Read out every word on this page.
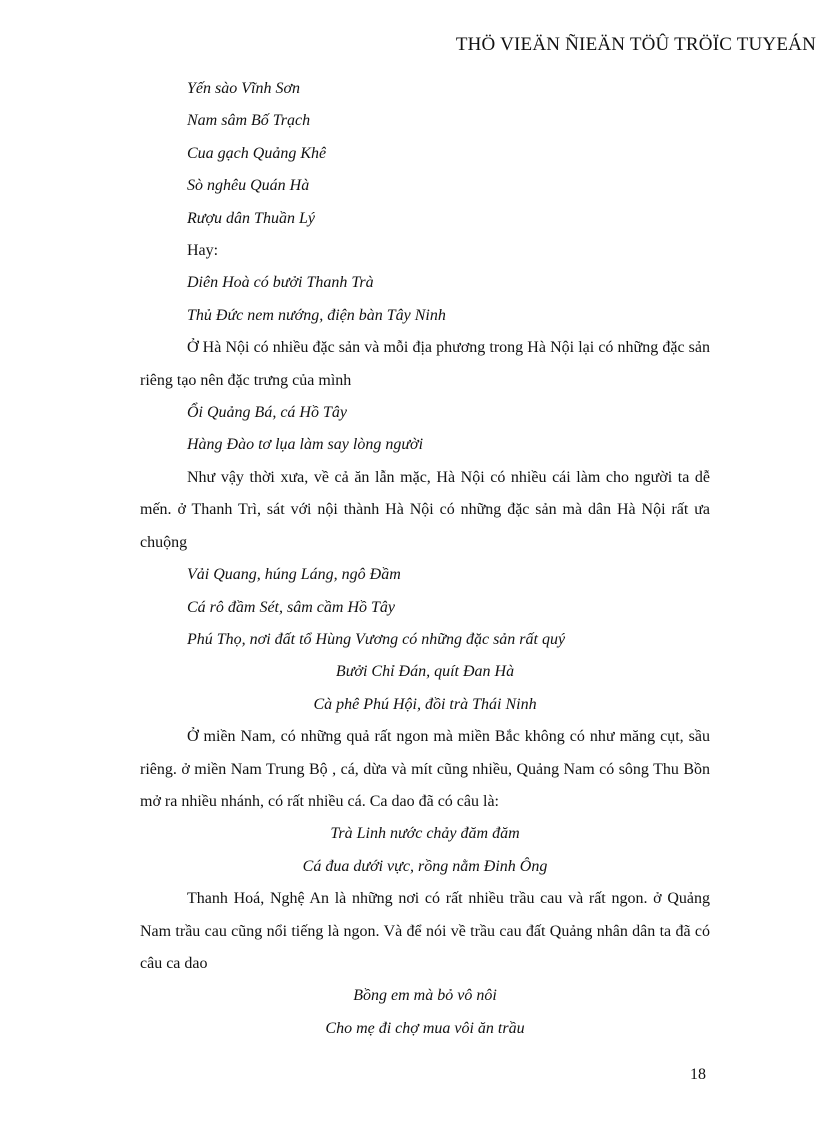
THÖ VIEÄN ÑIEÄN TÖÛ TRÖÏC TUYEÁN

Yến sào Vĩnh Sơn

Nam sâm Bố Trạch

Cua gạch Quảng Khê

Sò nghêu Quán Hà

Rượu dân Thuần Lý

Hay:

Diên Hoà có bưởi Thanh Trà

Thủ Đức nem nướng, điện bàn Tây Ninh

Ở Hà Nội có nhiều đặc sản và mỗi địa phương trong Hà Nội lại có những đặc sản riêng tạo nên đặc trưng của mình

Ổi Quảng Bá, cá Hồ Tây

Hàng Đào tơ lụa làm say lòng người

Như vậy thời xưa, về cả ăn lẫn mặc, Hà Nội có nhiều cái làm cho người ta dễ mến. ở Thanh Trì, sát với nội thành Hà Nội có những đặc sản mà dân Hà Nội rất ưa chuộng

Vải Quang, húng Láng, ngô Đầm

Cá rô đầm Sét, sâm cầm Hồ Tây

Phú Thọ, nơi đất tổ Hùng Vương có những đặc sản rất quý

Bưởi Chỉ Đán, quít Đan Hà

Cà phê Phú Hội, đồi trà Thái Ninh

Ở miền Nam, có những quả rất ngon mà miền Bắc không có như măng cụt, sầu riêng. ở miền Nam Trung Bộ , cá, dừa và mít cũng nhiều, Quảng Nam có sông Thu Bồn mở ra nhiều nhánh, có rất nhiều cá. Ca dao đã có câu là:

Trà Linh nước chảy đăm đăm

Cá đua dưới vực, rồng nằm Đinh Ông

Thanh Hoá, Nghệ An là những nơi có rất nhiều trầu cau và rất ngon. ở Quảng Nam trầu cau cũng nổi tiếng là ngon. Và để nói về trầu cau đất Quảng nhân dân ta đã có câu ca dao

Bồng em mà bỏ vô nôi

Cho mẹ đi chợ mua vôi ăn trầu

18
